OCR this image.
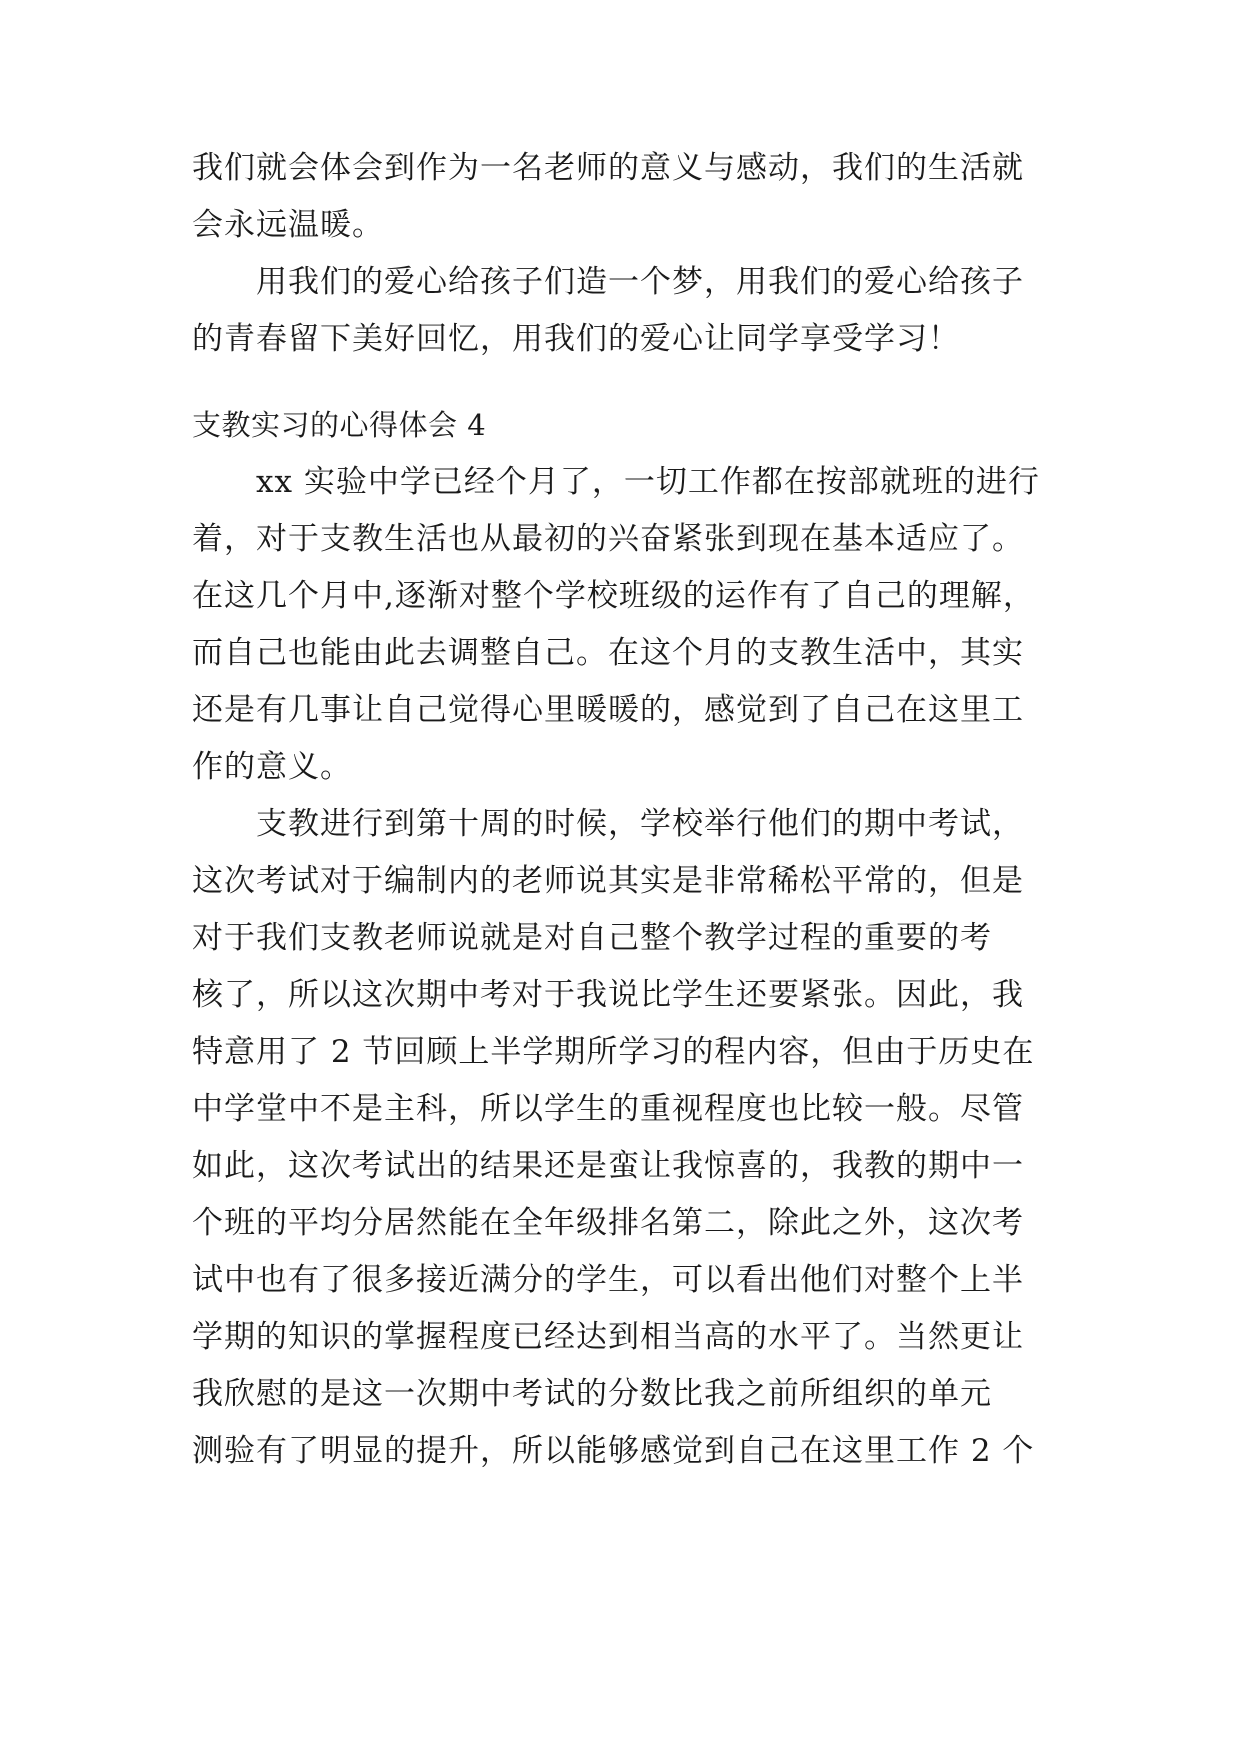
我们就会体会到作为一名老师的意义与感动，我们的生活就
会永远温暖。
　　用我们的爱心给孩子们造一个梦，用我们的爱心给孩子
的青春留下美好回忆，用我们的爱心让同学享受学习！
支教实习的心得体会 4
　　xx 实验中学已经个月了，一切工作都在按部就班的进行
着，对于支教生活也从最初的兴奋紧张到现在基本适应了。
在这几个月中,逐渐对整个学校班级的运作有了自己的理解，
而自己也能由此去调整自己。在这个月的支教生活中，其实
还是有几事让自己觉得心里暖暖的，感觉到了自己在这里工
作的意义。
　　支教进行到第十周的时候，学校举行他们的期中考试，
这次考试对于编制内的老师说其实是非常稀松平常的，但是
对于我们支教老师说就是对自己整个教学过程的重要的考
核了，所以这次期中考对于我说比学生还要紧张。因此，我
特意用了 2 节回顾上半学期所学习的程内容，但由于历史在
中学堂中不是主科，所以学生的重视程度也比较一般。尽管
如此，这次考试出的结果还是蛮让我惊喜的，我教的期中一
个班的平均分居然能在全年级排名第二，除此之外，这次考
试中也有了很多接近满分的学生，可以看出他们对整个上半
学期的知识的掌握程度已经达到相当高的水平了。当然更让
我欣慰的是这一次期中考试的分数比我之前所组织的单元
测验有了明显的提升，所以能够感觉到自己在这里工作 2 个
